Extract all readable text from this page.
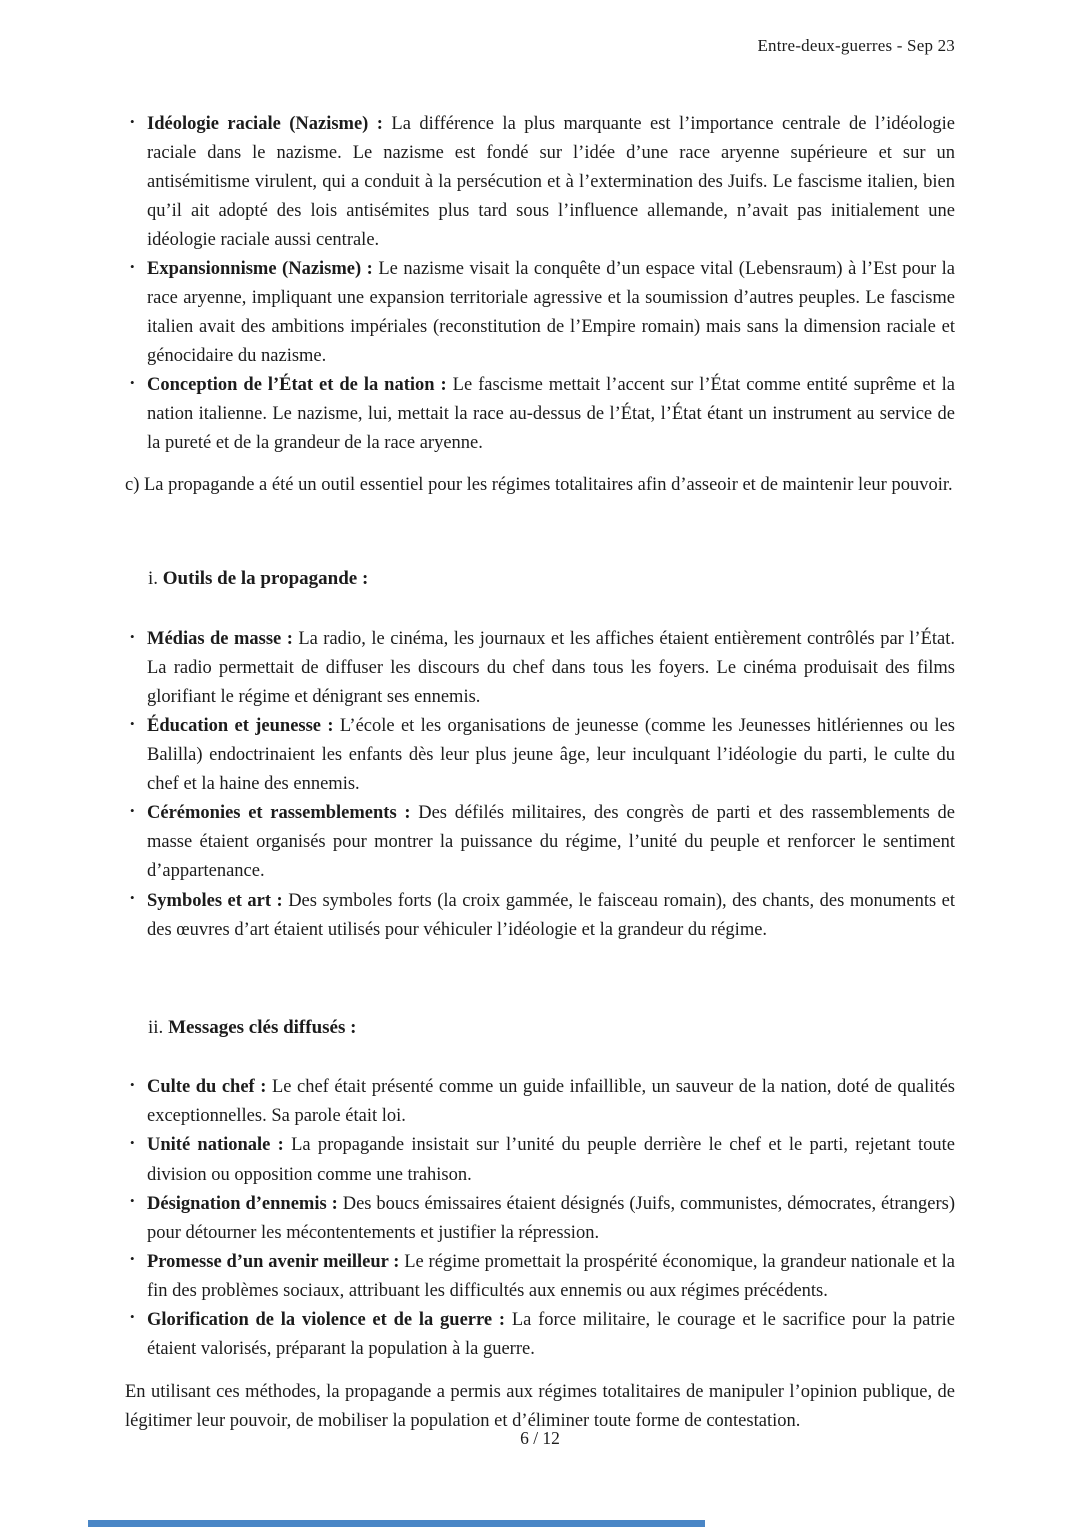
Entre-deux-guerres - Sep 23
• Idéologie raciale (Nazisme) : La différence la plus marquante est l’importance centrale de l’idéologie raciale dans le nazisme. Le nazisme est fondé sur l’idée d’une race aryenne supérieure et sur un antisémitisme virulent, qui a conduit à la persécution et à l’extermination des Juifs. Le fascisme italien, bien qu’il ait adopté des lois antisémites plus tard sous l’influence allemande, n’avait pas initialement une idéologie raciale aussi centrale.
• Expansionnisme (Nazisme) : Le nazisme visait la conquête d’un espace vital (Lebensraum) à l’Est pour la race aryenne, impliquant une expansion territoriale agressive et la soumission d’autres peuples. Le fascisme italien avait des ambitions impériales (reconstitution de l’Empire romain) mais sans la dimension raciale et génocidaire du nazisme.
• Conception de l’État et de la nation : Le fascisme mettait l’accent sur l’État comme entité suprême et la nation italienne. Le nazisme, lui, mettait la race au-dessus de l’État, l’État étant un instrument au service de la pureté et de la grandeur de la race aryenne.

c) La propagande a été un outil essentiel pour les régimes totalitaires afin d’asseoir et de maintenir leur pouvoir.

i. Outils de la propagande :
• Médias de masse : La radio, le cinéma, les journaux et les affiches étaient entièrement contrôlés par l’État. La radio permettait de diffuser les discours du chef dans tous les foyers. Le cinéma produisait des films glorifiant le régime et dénigrant ses ennemis.
• Éducation et jeunesse : L’école et les organisations de jeunesse (comme les Jeunesses hitlériennes ou les Balilla) endoctrinaient les enfants dès leur plus jeune âge, leur inculquant l’idéologie du parti, le culte du chef et la haine des ennemis.
• Cérémonies et rassemblements : Des défilés militaires, des congrès de parti et des rassemblements de masse étaient organisés pour montrer la puissance du régime, l’unité du peuple et renforcer le sentiment d’appartenance.
• Symboles et art : Des symboles forts (la croix gammée, le faisceau romain), des chants, des monuments et des œuvres d’art étaient utilisés pour véhiculer l’idéologie et la grandeur du régime.
ii. Messages clés diffusés :
• Culte du chef : Le chef était présenté comme un guide infaillible, un sauveur de la nation, doté de qualités exceptionnelles. Sa parole était loi.
• Unité nationale : La propagande insistait sur l’unité du peuple derrière le chef et le parti, rejetant toute division ou opposition comme une trahison.
• Désignation d’ennemis : Des boucs émissaires étaient désignés (Juifs, communistes, démocrates, étrangers) pour détourner les mécontentements et justifier la répression.
• Promesse d’un avenir meilleur : Le régime promettait la prospérité économique, la grandeur nationale et la fin des problèmes sociaux, attribuant les difficultés aux ennemis ou aux régimes précédents.
• Glorification de la violence et de la guerre : La force militaire, le courage et le sacrifice pour la patrie étaient valorisés, préparant la population à la guerre.

En utilisant ces méthodes, la propagande a permis aux régimes totalitaires de manipuler l’opinion publique, de légitimer leur pouvoir, de mobiliser la population et d’éliminer toute forme de contestation.

6 / 12
